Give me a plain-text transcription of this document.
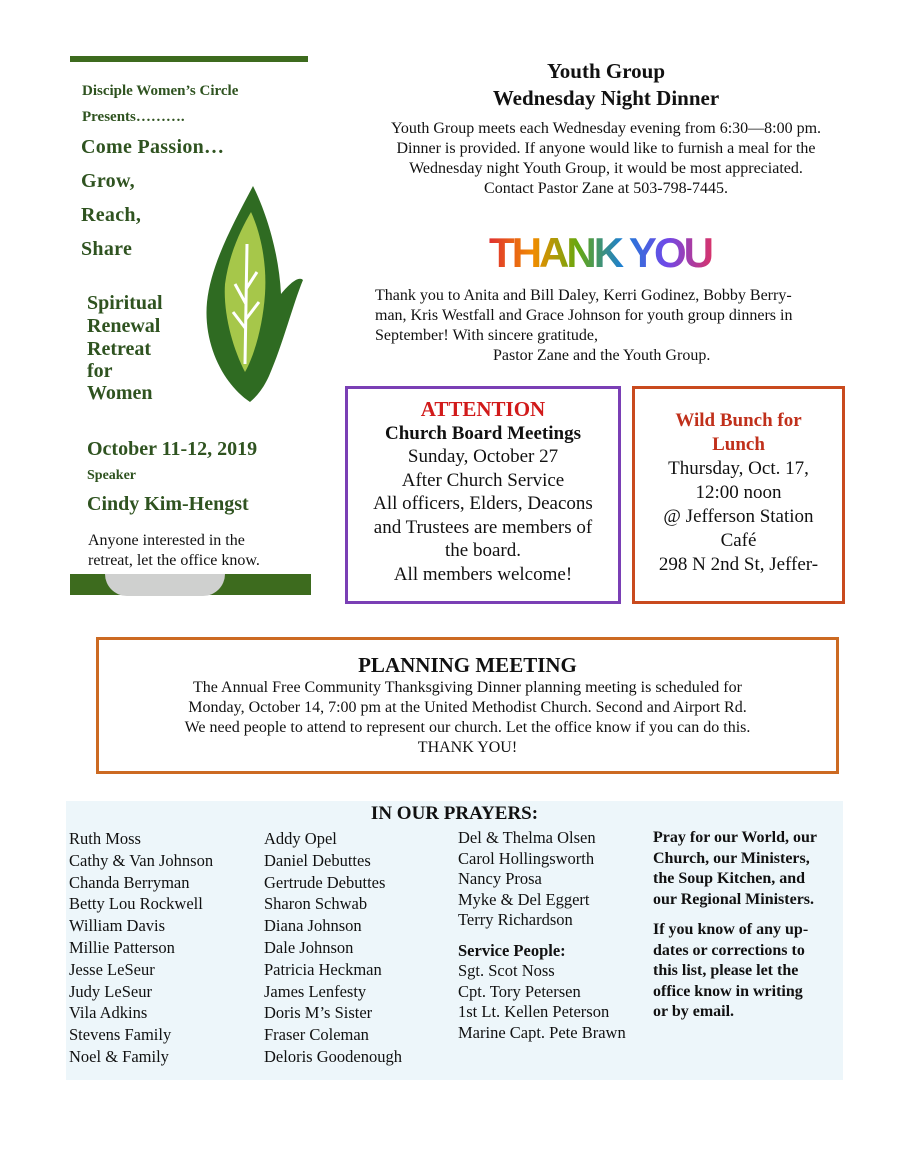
Disciple Women’s Circle
Presents……….
Come Passion…
Grow,
Reach,
Share
Spiritual
Renewal
Retreat
for
Women
October 11-12, 2019
Speaker
Cindy Kim-Hengst
Anyone interested in the
retreat, let the office know.
Youth Group
Wednesday Night Dinner
Youth Group meets each Wednesday evening from 6:30—8:00 pm.
Dinner is provided. If anyone would like to furnish a meal for the
Wednesday night Youth Group, it would be most appreciated.
Contact Pastor Zane at 503-798-7445.
THANK YOU
Thank you to Anita and Bill Daley, Kerri Godinez, Bobby Berry-
man, Kris Westfall and Grace Johnson for youth group dinners in
September! With sincere gratitude,
Pastor Zane and the Youth Group.
ATTENTION
Church Board Meetings
Sunday, October 27
After Church Service
All officers, Elders, Deacons
and Trustees are members of
the board.
All members welcome!
Wild Bunch for
Lunch
Thursday, Oct. 17,
12:00 noon
@ Jefferson Station
Café
298 N 2nd St, Jeffer-
PLANNING MEETING
The Annual Free Community Thanksgiving Dinner planning meeting is scheduled for
Monday, October 14, 7:00 pm at the United Methodist Church. Second and Airport Rd.
We need people to attend to represent our church. Let the office know if you can do this.
THANK YOU!
IN OUR PRAYERS:
Ruth Moss
Cathy & Van Johnson
Chanda Berryman
Betty Lou Rockwell
William Davis
Millie Patterson
Jesse LeSeur
Judy LeSeur
Vila Adkins
Stevens Family
Noel & Family
Addy Opel
Daniel Debuttes
Gertrude Debuttes
Sharon Schwab
Diana Johnson
Dale Johnson
Patricia Heckman
James Lenfesty
Doris M’s Sister
Fraser Coleman
Deloris Goodenough
Del & Thelma Olsen
Carol Hollingsworth
Nancy Prosa
Myke & Del Eggert
Terry Richardson
Service People:
Sgt. Scot Noss
Cpt. Tory Petersen
1st Lt. Kellen Peterson
Marine Capt. Pete Brawn
Pray for our World, our
Church, our Ministers,
the Soup Kitchen, and
our Regional Ministers.
If you know of any up-
dates or corrections to
this list, please let the
office know in writing
or by email.
